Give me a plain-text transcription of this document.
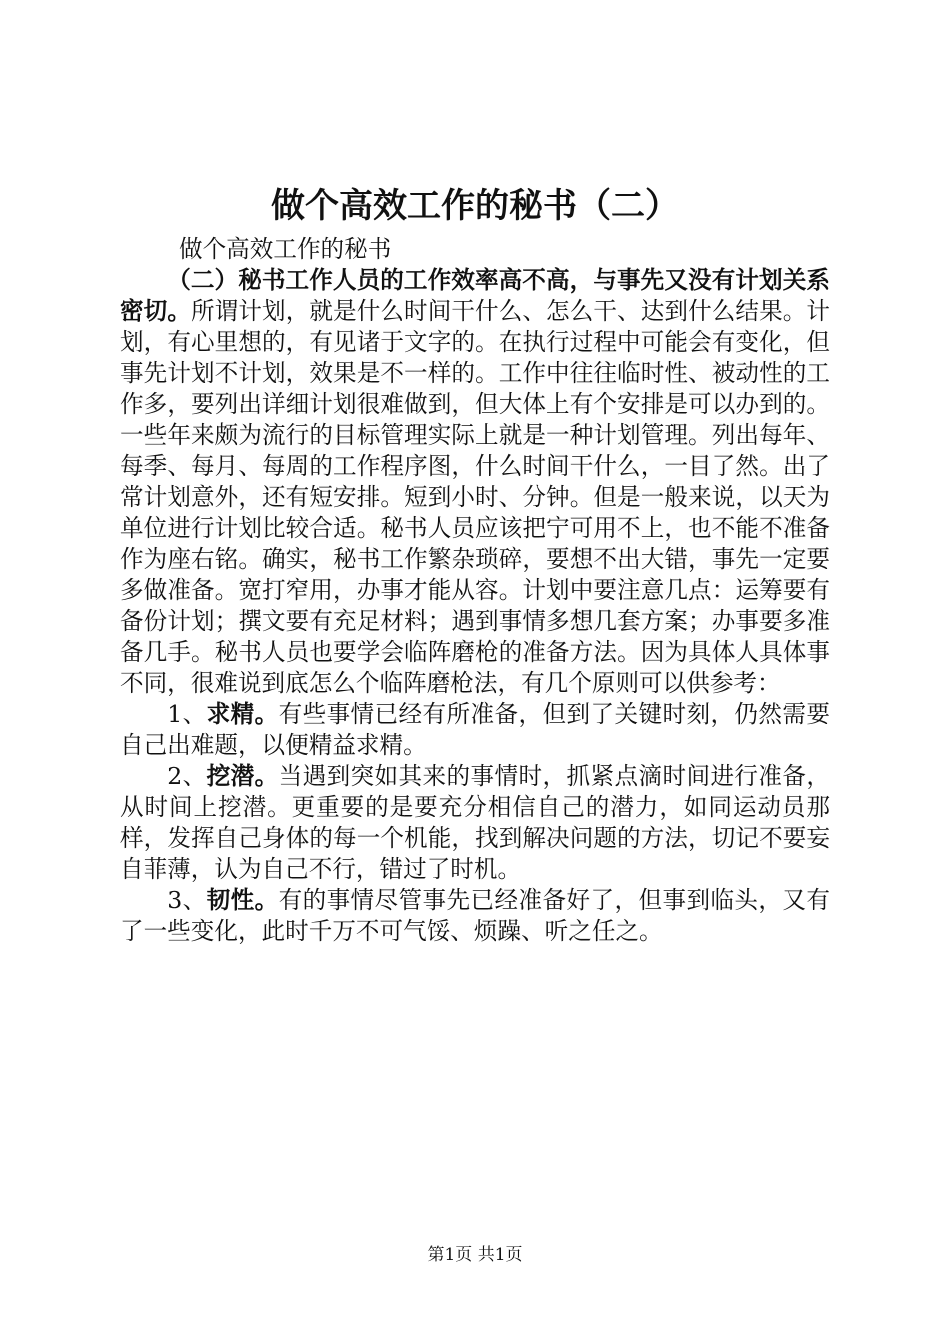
做个高效工作的秘书（二）

做个高效工作的秘书

（二）秘书工作人员的工作效率高不高，与事先又没有计划关系密切。所谓计划，就是什么时间干什么、怎么干、达到什么结果。计划，有心里想的，有见诸于文字的。在执行过程中可能会有变化，但事先计划不计划，效果是不一样的。工作中往往临时性、被动性的工作多，要列出详细计划很难做到，但大体上有个安排是可以办到的。一些年来颇为流行的目标管理实际上就是一种计划管理。列出每年、每季、每月、每周的工作程序图，什么时间干什么，一目了然。出了常计划意外，还有短安排。短到小时、分钟。但是一般来说，以天为单位进行计划比较合适。秘书人员应该把宁可用不上，也不能不准备作为座右铭。确实，秘书工作繁杂琐碎，要想不出大错，事先一定要多做准备。宽打窄用，办事才能从容。计划中要注意几点：运筹要有备份计划；撰文要有充足材料；遇到事情多想几套方案；办事要多准备几手。秘书人员也要学会临阵磨枪的准备方法。因为具体人具体事不同，很难说到底怎么个临阵磨枪法，有几个原则可以供参考：

1、求精。有些事情已经有所准备，但到了关键时刻，仍然需要自己出难题，以便精益求精。

2、挖潜。当遇到突如其来的事情时，抓紧点滴时间进行准备，从时间上挖潜。更重要的是要充分相信自己的潜力，如同运动员那样，发挥自己身体的每一个机能，找到解决问题的方法，切记不要妄自菲薄，认为自己不行，错过了时机。

3、韧性。有的事情尽管事先已经准备好了，但事到临头，又有了一些变化，此时千万不可气馁、烦躁、听之任之。

第1页 共1页
